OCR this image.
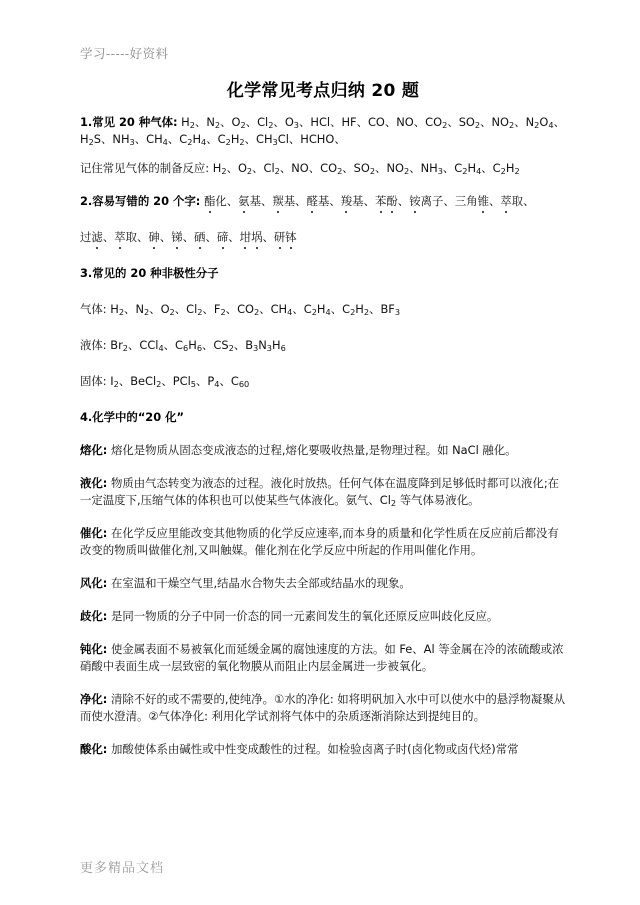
学习-----好资料
化学常见考点归纳 20 题

1.常见 20 种气体: $H_2$、$N_2$、$O_2$、$Cl_2$、$O_3$、HCl、HF、CO、NO、$CO_2$、$SO_2$、$NO_2$、$N_2O_4$、 $H_2S$、$NH_3$、$CH_4$、$C_2H_4$、$C_2H_2$、$CH_3Cl$、HCHO、

记住常见气体的制备反应: $H_2$、$O_2$、$Cl_2$、NO、$CO_2$、$SO_2$、$NO_2$、$NH_3$、$C_2H_4$、$C_2H_2$

2.容易写错的 20 个字: 酯化、氨基、羰基、醛基、羧基、苯酚、铵离子、三角锥、萃取、

过滤、萃取、砷、锑、硒、碲、坩埚、研钵

3.常见的 20 种非极性分子

气体: $H_2$、$N_2$、$O_2$、$Cl_2$、$F_2$、$CO_2$、$CH_4$、$C_2H_4$、$C_2H_2$、$BF_3$

液体: $Br_2$、CCl$_4$、$C_6H_6$、$CS_2$、$B_3N_3H_6$

固体: $I_2$、BeCl$_2$、PCl$_5$、$P_4$、$C_{60}$

4.化学中的“20 化”

熔化: 熔化是物质从固态变成液态的过程,熔化要吸收热量,是物理过程。如 NaCl 融化。

液化: 物质由气态转变为液态的过程。液化时放热。任何气体在温度降到足够低时都可以液化;在一定温度下,压缩气体的体积也可以使某些气体液化。氨气、$Cl_2$ 等气体易液化。

催化: 在化学反应里能改变其他物质的化学反应速率,而本身的质量和化学性质在反应前后都没有改变的物质叫做催化剂,又叫触媒。催化剂在化学反应中所起的作用叫催化作用。

风化: 在室温和干燥空气里,结晶水合物失去全部或结晶水的现象。

歧化: 是同一物质的分子中同一价态的同一元素间发生的氧化还原反应叫歧化反应。

钝化: 使金属表面不易被氧化而延缓金属的腐蚀速度的方法。如 Fe、Al 等金属在冷的浓硫酸或浓硝酸中表面生成一层致密的氧化物膜从而阻止内层金属进一步被氧化。

净化: 清除不好的或不需要的,使纯净。①水的净化: 如将明矾加入水中可以使水中的悬浮物凝聚从而使水澄清。②气体净化: 利用化学试剂将气体中的杂质逐渐消除达到提纯目的。

酸化: 加酸使体系由碱性或中性变成酸性的过程。如检验卤离子时(卤化物或卤代烃)常常

更多精品文档
